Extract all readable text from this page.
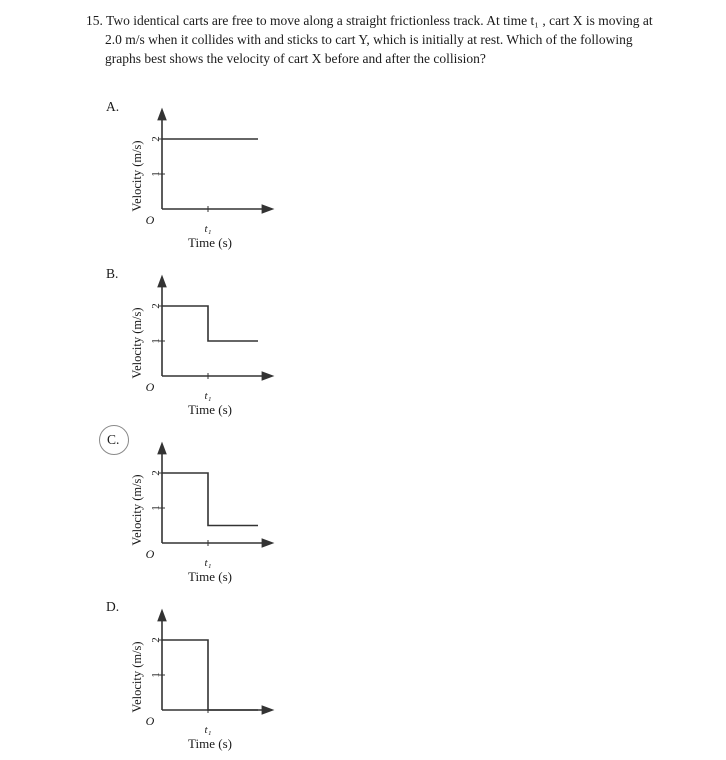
15. Two identical carts are free to move along a straight frictionless track. At time t₁ , cart X is moving at
2.0 m/s when it collides with and sticks to cart Y, which is initially at rest. Which of the following
graphs best shows the velocity of cart X before and after the collision?
A.
1
2
t₁
O
Time (s)
Velocity (m/s)
B.
1
2
t₁
O
Time (s)
Velocity (m/s)
C.
1
2
t₁
O
Time (s)
Velocity (m/s)
D.
1
2
t₁
O
Time (s)
Velocity (m/s)
